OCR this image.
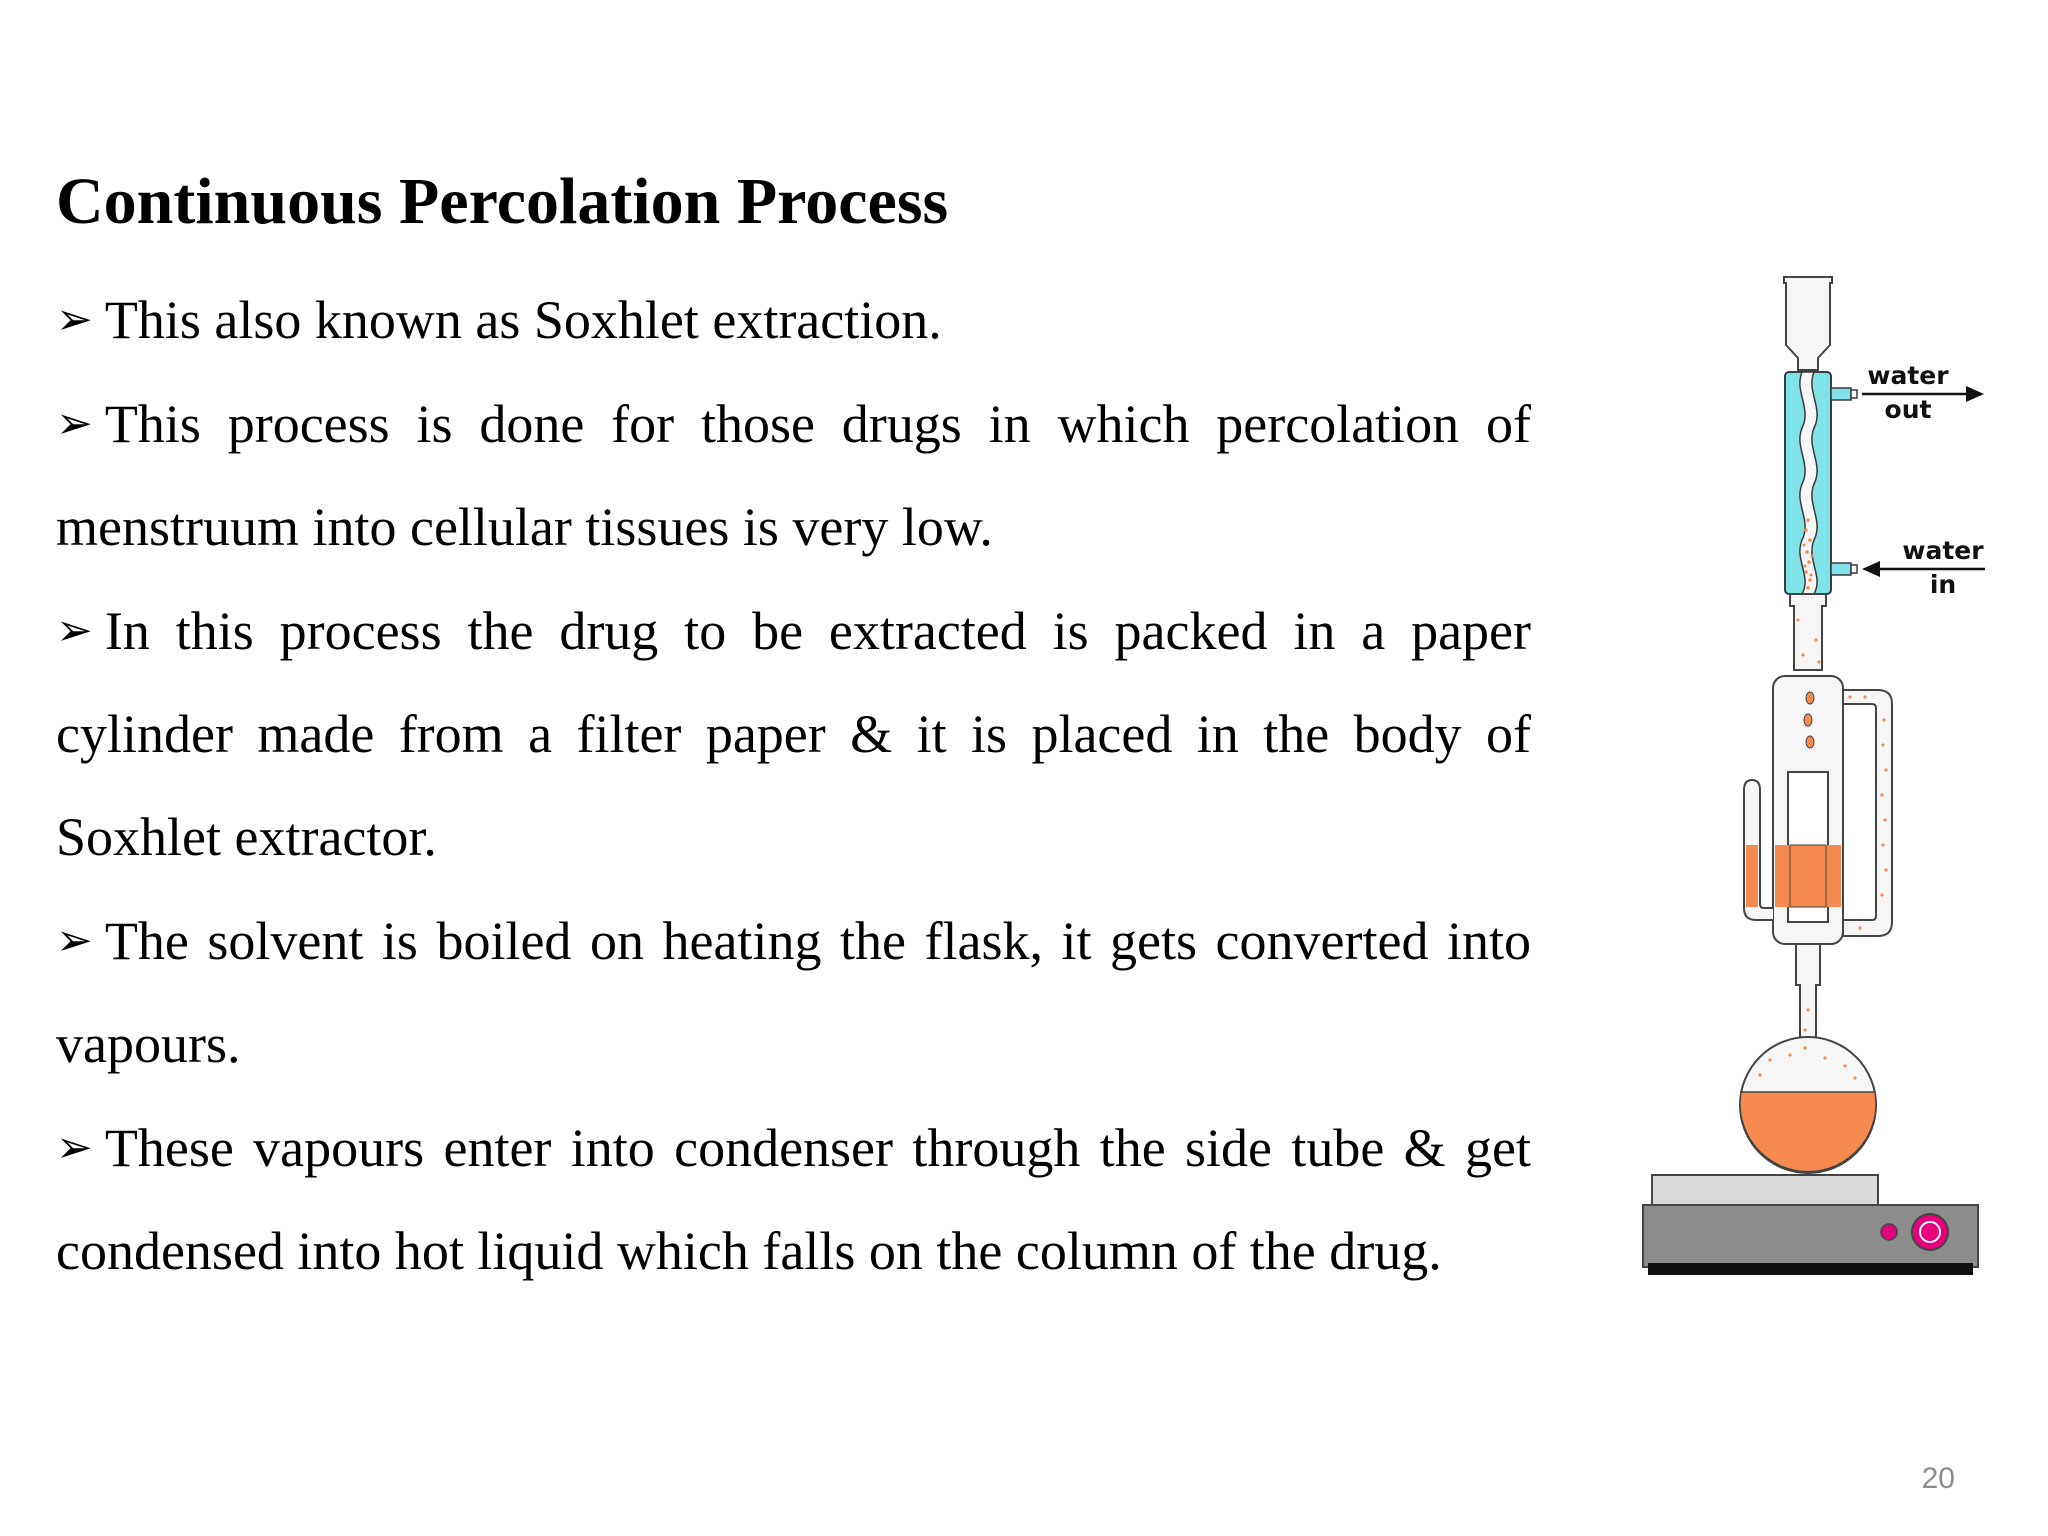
Continuous Percolation Process

➢ This also known as Soxhlet extraction.

➢ This process is done for those drugs in which percolation of menstruum into cellular tissues is very low.

➢ In this process the drug to be extracted is packed in a paper cylinder made from a filter paper & it is placed in the body of Soxhlet extractor.

➢ The solvent is boiled on heating the flask, it gets converted into vapours.

➢ These vapours enter into condenser through the side tube & get condensed into hot liquid which falls on the column of the drug.

water
out
water
in
20
